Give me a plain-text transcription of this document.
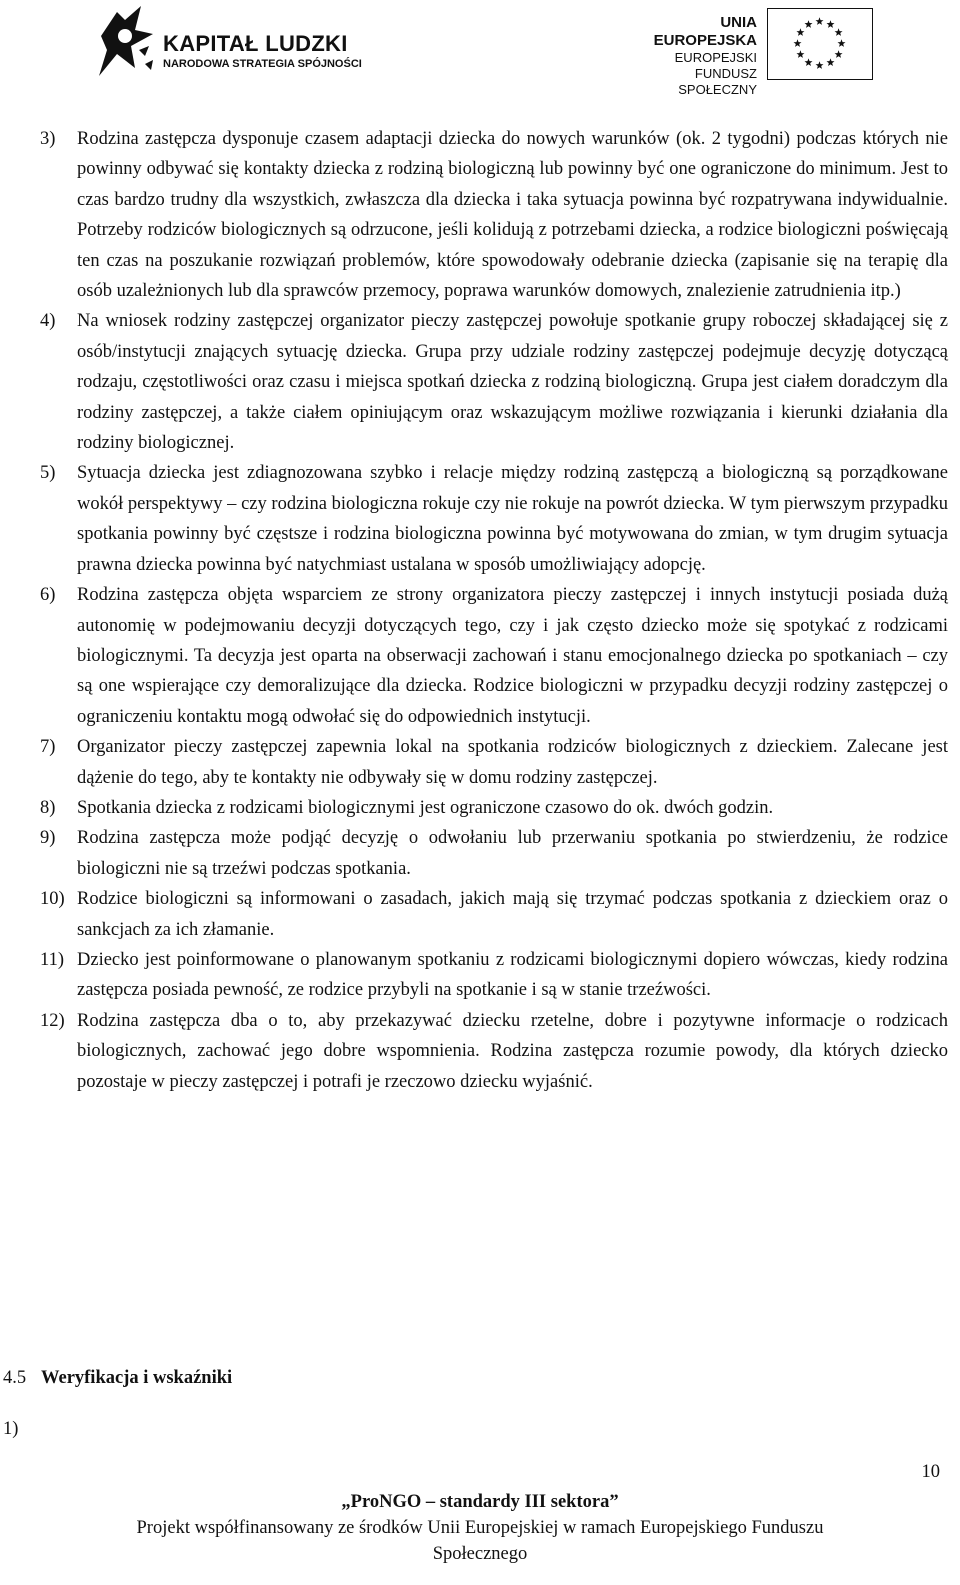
KAPITAŁ LUDZKI
NARODOWA STRATEGIA SPÓJNOŚCI
UNIA EUROPEJSKA
EUROPEJSKI
FUNDUSZ SPOŁECZNY
3) Rodzina zastępcza dysponuje czasem adaptacji dziecka do nowych warunków (ok. 2 tygodni) podczas których nie powinny odbywać się kontakty dziecka z rodziną biologiczną lub powinny być one ograniczone do minimum. Jest to czas bardzo trudny dla wszystkich, zwłaszcza dla dziecka i taka sytuacja powinna być rozpatrywana indywidualnie. Potrzeby rodziców biologicznych są odrzucone, jeśli kolidują z potrzebami dziecka, a rodzice biologiczni poświęcają ten czas na poszukanie rozwiązań problemów, które spowodowały odebranie dziecka (zapisanie się na terapię dla osób uzależnionych lub dla sprawców przemocy, poprawa warunków domowych, znalezienie zatrudnienia itp.)
4) Na wniosek rodziny zastępczej organizator pieczy zastępczej powołuje spotkanie grupy roboczej składającej się z osób/instytucji znających sytuację dziecka. Grupa przy udziale rodziny zastępczej podejmuje decyzję dotyczącą rodzaju, częstotliwości oraz czasu i miejsca spotkań dziecka z rodziną biologiczną. Grupa jest ciałem doradczym dla rodziny zastępczej, a także ciałem opiniującym oraz wskazującym możliwe rozwiązania i kierunki działania dla rodziny biologicznej.
5) Sytuacja dziecka jest zdiagnozowana szybko i relacje między rodziną zastępczą a biologiczną są porządkowane wokół perspektywy – czy rodzina biologiczna rokuje czy nie rokuje na powrót dziecka. W tym pierwszym przypadku spotkania powinny być częstsze i rodzina biologiczna powinna być motywowana do zmian, w tym drugim sytuacja prawna dziecka powinna być natychmiast ustalana w sposób umożliwiający adopcję.
6) Rodzina zastępcza objęta wsparciem ze strony organizatora pieczy zastępczej i innych instytucji posiada dużą autonomię w podejmowaniu decyzji dotyczących tego, czy i jak często dziecko może się spotykać z rodzicami biologicznymi. Ta decyzja jest oparta na obserwacji zachowań i stanu emocjonalnego dziecka po spotkaniach – czy są one wspierające czy demoralizujące dla dziecka. Rodzice biologiczni w przypadku decyzji rodziny zastępczej o ograniczeniu kontaktu mogą odwołać się do odpowiednich instytucji.
7) Organizator pieczy zastępczej zapewnia lokal na spotkania rodziców biologicznych z dzieckiem. Zalecane jest dążenie do tego, aby te kontakty nie odbywały się w domu rodziny zastępczej.
8) Spotkania dziecka z rodzicami biologicznymi jest ograniczone czasowo do ok. dwóch godzin.
9) Rodzina zastępcza może podjąć decyzję o odwołaniu lub przerwaniu spotkania po stwierdzeniu, że rodzice biologiczni nie są trzeźwi podczas spotkania.
10) Rodzice biologiczni są informowani o zasadach, jakich mają się trzymać podczas spotkania z dzieckiem oraz o sankcjach za ich złamanie.
11) Dziecko jest poinformowane o planowanym spotkaniu z rodzicami biologicznymi dopiero wówczas, kiedy rodzina zastępcza posiada pewność, ze rodzice przybyli na spotkanie i są w stanie trzeźwości.
12) Rodzina zastępcza dba o to, aby przekazywać dziecku rzetelne, dobre i pozytywne informacje o rodzicach biologicznych, zachować jego dobre wspomnienia. Rodzina zastępcza rozumie powody, dla których dziecko pozostaje w pieczy zastępczej i potrafi je rzeczowo dziecku wyjaśnić.
4.5 Weryfikacja i wskaźniki
1)
10
„ProNGO – standardy III sektora”
Projekt współfinansowany ze środków Unii Europejskiej w ramach Europejskiego Funduszu
Społecznego
